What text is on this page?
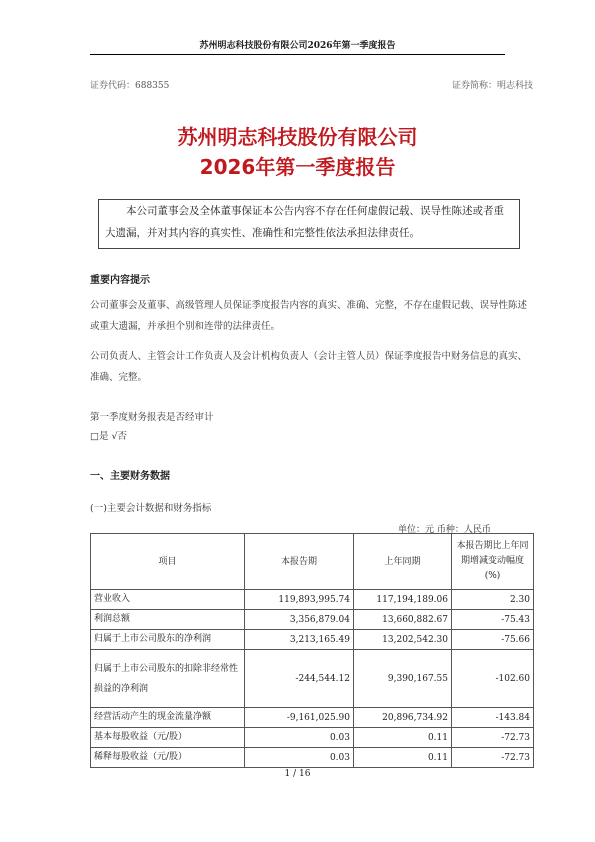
苏州明志科技股份有限公司2026年第一季度报告
证券代码：688355	证券简称：明志科技
苏州明志科技股份有限公司
2026年第一季度报告
本公司董事会及全体董事保证本公告内容不存在任何虚假记载、误导性陈述或者重大遗漏，并对其内容的真实性、准确性和完整性依法承担法律责任。
重要内容提示
公司董事会及董事、高级管理人员保证季度报告内容的真实、准确、完整，不存在虚假记载、误导性陈述或重大遗漏，并承担个别和连带的法律责任。
公司负责人、主管会计工作负责人及会计机构负责人（会计主管人员）保证季度报告中财务信息的真实、准确、完整。
第一季度财务报表是否经审计
□是 √否
一、主要财务数据
(一)主要会计数据和财务指标
单位：元 币种：人民币
项目	本报告期	上年同期	本报告期比上年同期增减变动幅度(%)
营业收入	119,893,995.74	117,194,189.06	2.30
利润总额	3,356,879.04	13,660,882.67	-75.43
归属于上市公司股东的净利润	3,213,165.49	13,202,542.30	-75.66
归属于上市公司股东的扣除非经常性损益的净利润	-244,544.12	9,390,167.55	-102.60
经营活动产生的现金流量净额	-9,161,025.90	20,896,734.92	-143.84
基本每股收益（元/股）	0.03	0.11	-72.73
稀释每股收益（元/股）	0.03	0.11	-72.73
1 / 16
